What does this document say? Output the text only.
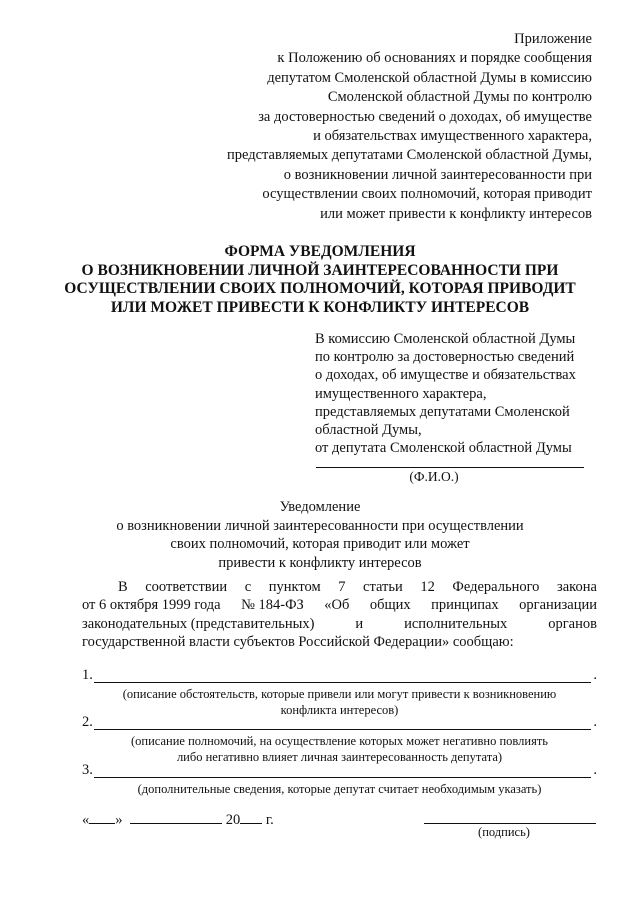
Приложение
к Положению об основаниях и порядке сообщения
депутатом Смоленской областной Думы в комиссию
Смоленской областной Думы по контролю
за достоверностью сведений о доходах, об имуществе
и обязательствах имущественного характера,
представляемых депутатами Смоленской областной Думы,
о возникновении личной заинтересованности при
осуществлении своих полномочий, которая приводит
или может привести к конфликту интересов
ФОРМА УВЕДОМЛЕНИЯ
О ВОЗНИКНОВЕНИИ ЛИЧНОЙ ЗАИНТЕРЕСОВАННОСТИ ПРИ
ОСУЩЕСТВЛЕНИИ СВОИХ ПОЛНОМОЧИЙ, КОТОРАЯ ПРИВОДИТ
ИЛИ МОЖЕТ ПРИВЕСТИ К КОНФЛИКТУ ИНТЕРЕСОВ
В комиссию Смоленской областной Думы
по контролю за достоверностью сведений
о доходах, об имуществе и обязательствах
имущественного характера,
представляемых депутатами Смоленской
областной Думы,
от депутата Смоленской областной Думы
(Ф.И.О.)
Уведомление
о возникновении личной заинтересованности при осуществлении
своих полномочий, которая приводит или может
привести к конфликту интересов
В соответствии с пунктом 7 статьи 12 Федерального закона
от 6 октября 1999 года № 184-ФЗ «Об общих принципах организации
законодательных (представительных)	и	исполнительных	органов
государственной власти субъектов Российской Федерации» сообщаю:
1.	.
(описание обстоятельств, которые привели или могут привести к возникновению
конфликта интересов)
2.	.
(описание полномочий, на осуществление которых может негативно повлиять
либо негативно влияет личная заинтересованность депутата)
3.	.
(дополнительные сведения, которые депутат считает необходимым указать)
« »	20 г.
(подпись)
